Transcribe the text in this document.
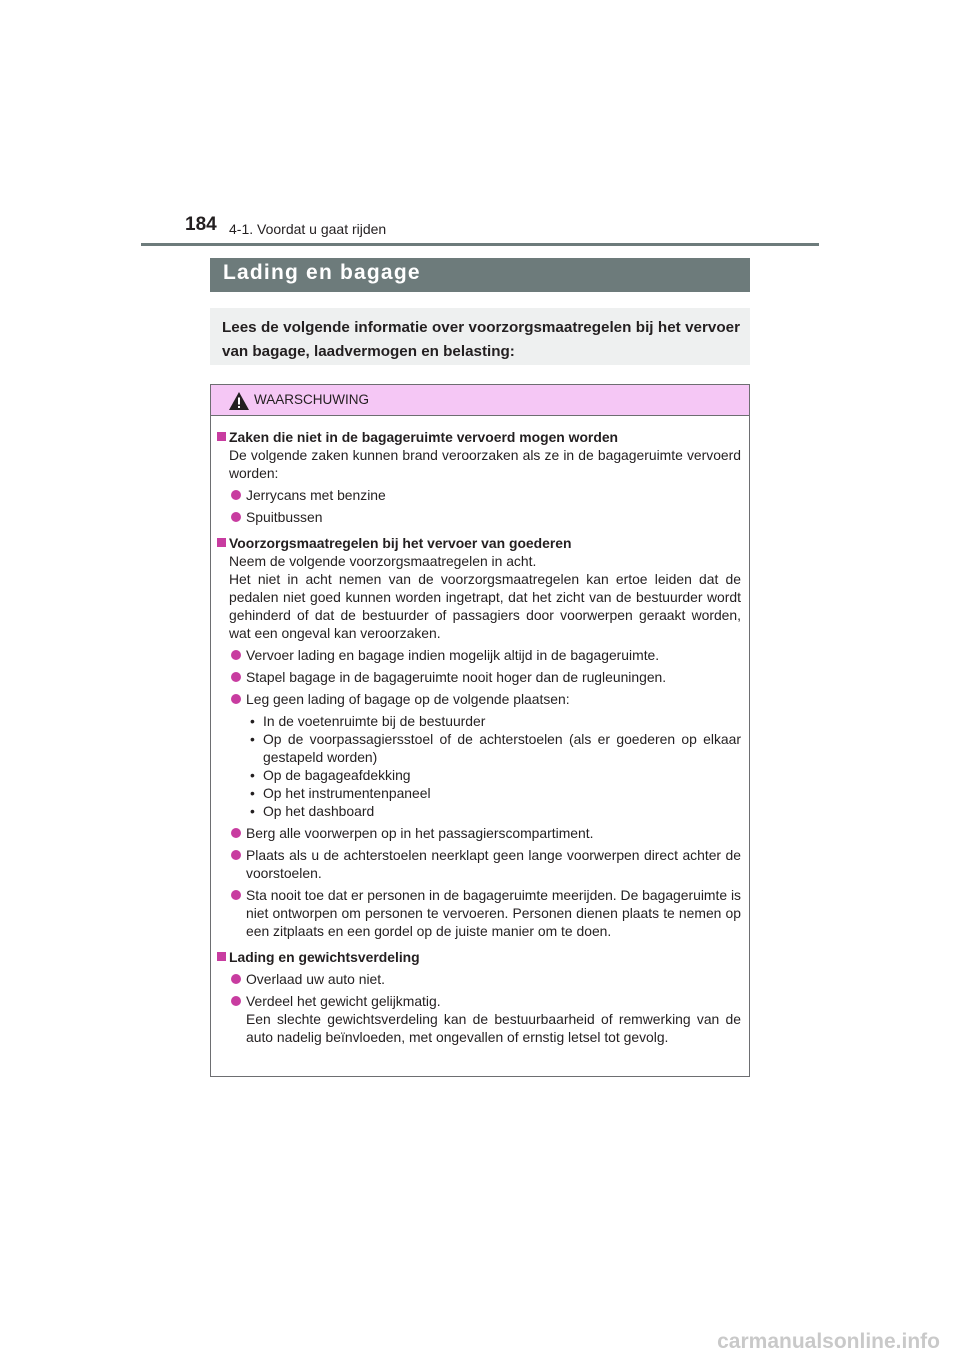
184 4-1. Voordat u gaat rijden
Lading en bagage
Lees de volgende informatie over voorzorgsmaatregelen bij het vervoer van bagage, laadvermogen en belasting:
WAARSCHUWING
Zaken die niet in de bagageruimte vervoerd mogen worden
De volgende zaken kunnen brand veroorzaken als ze in de bagageruimte vervoerd worden:
Jerrycans met benzine
Spuitbussen
Voorzorgsmaatregelen bij het vervoer van goederen
Neem de volgende voorzorgsmaatregelen in acht.
Het niet in acht nemen van de voorzorgsmaatregelen kan ertoe leiden dat de pedalen niet goed kunnen worden ingetrapt, dat het zicht van de bestuurder wordt gehinderd of dat de bestuurder of passagiers door voorwerpen geraakt worden, wat een ongeval kan veroorzaken.
Vervoer lading en bagage indien mogelijk altijd in de bagageruimte.
Stapel bagage in de bagageruimte nooit hoger dan de rugleuningen.
Leg geen lading of bagage op de volgende plaatsen:
• In de voetenruimte bij de bestuurder
• Op de voorpassagiersstoel of de achterstoelen (als er goederen op elkaar gestapeld worden)
• Op de bagageafdekking
• Op het instrumentenpaneel
• Op het dashboard
Berg alle voorwerpen op in het passagierscompartiment.
Plaats als u de achterstoelen neerklapt geen lange voorwerpen direct achter de voorstoelen.
Sta nooit toe dat er personen in de bagageruimte meerijden. De bagageruimte is niet ontworpen om personen te vervoeren. Personen dienen plaats te nemen op een zitplaats en een gordel op de juiste manier om te doen.
Lading en gewichtsverdeling
Overlaad uw auto niet.
Verdeel het gewicht gelijkmatig.
Een slechte gewichtsverdeling kan de bestuurbaarheid of remwerking van de auto nadelig beïnvloeden, met ongevallen of ernstig letsel tot gevolg.
carmanualsonline.info
